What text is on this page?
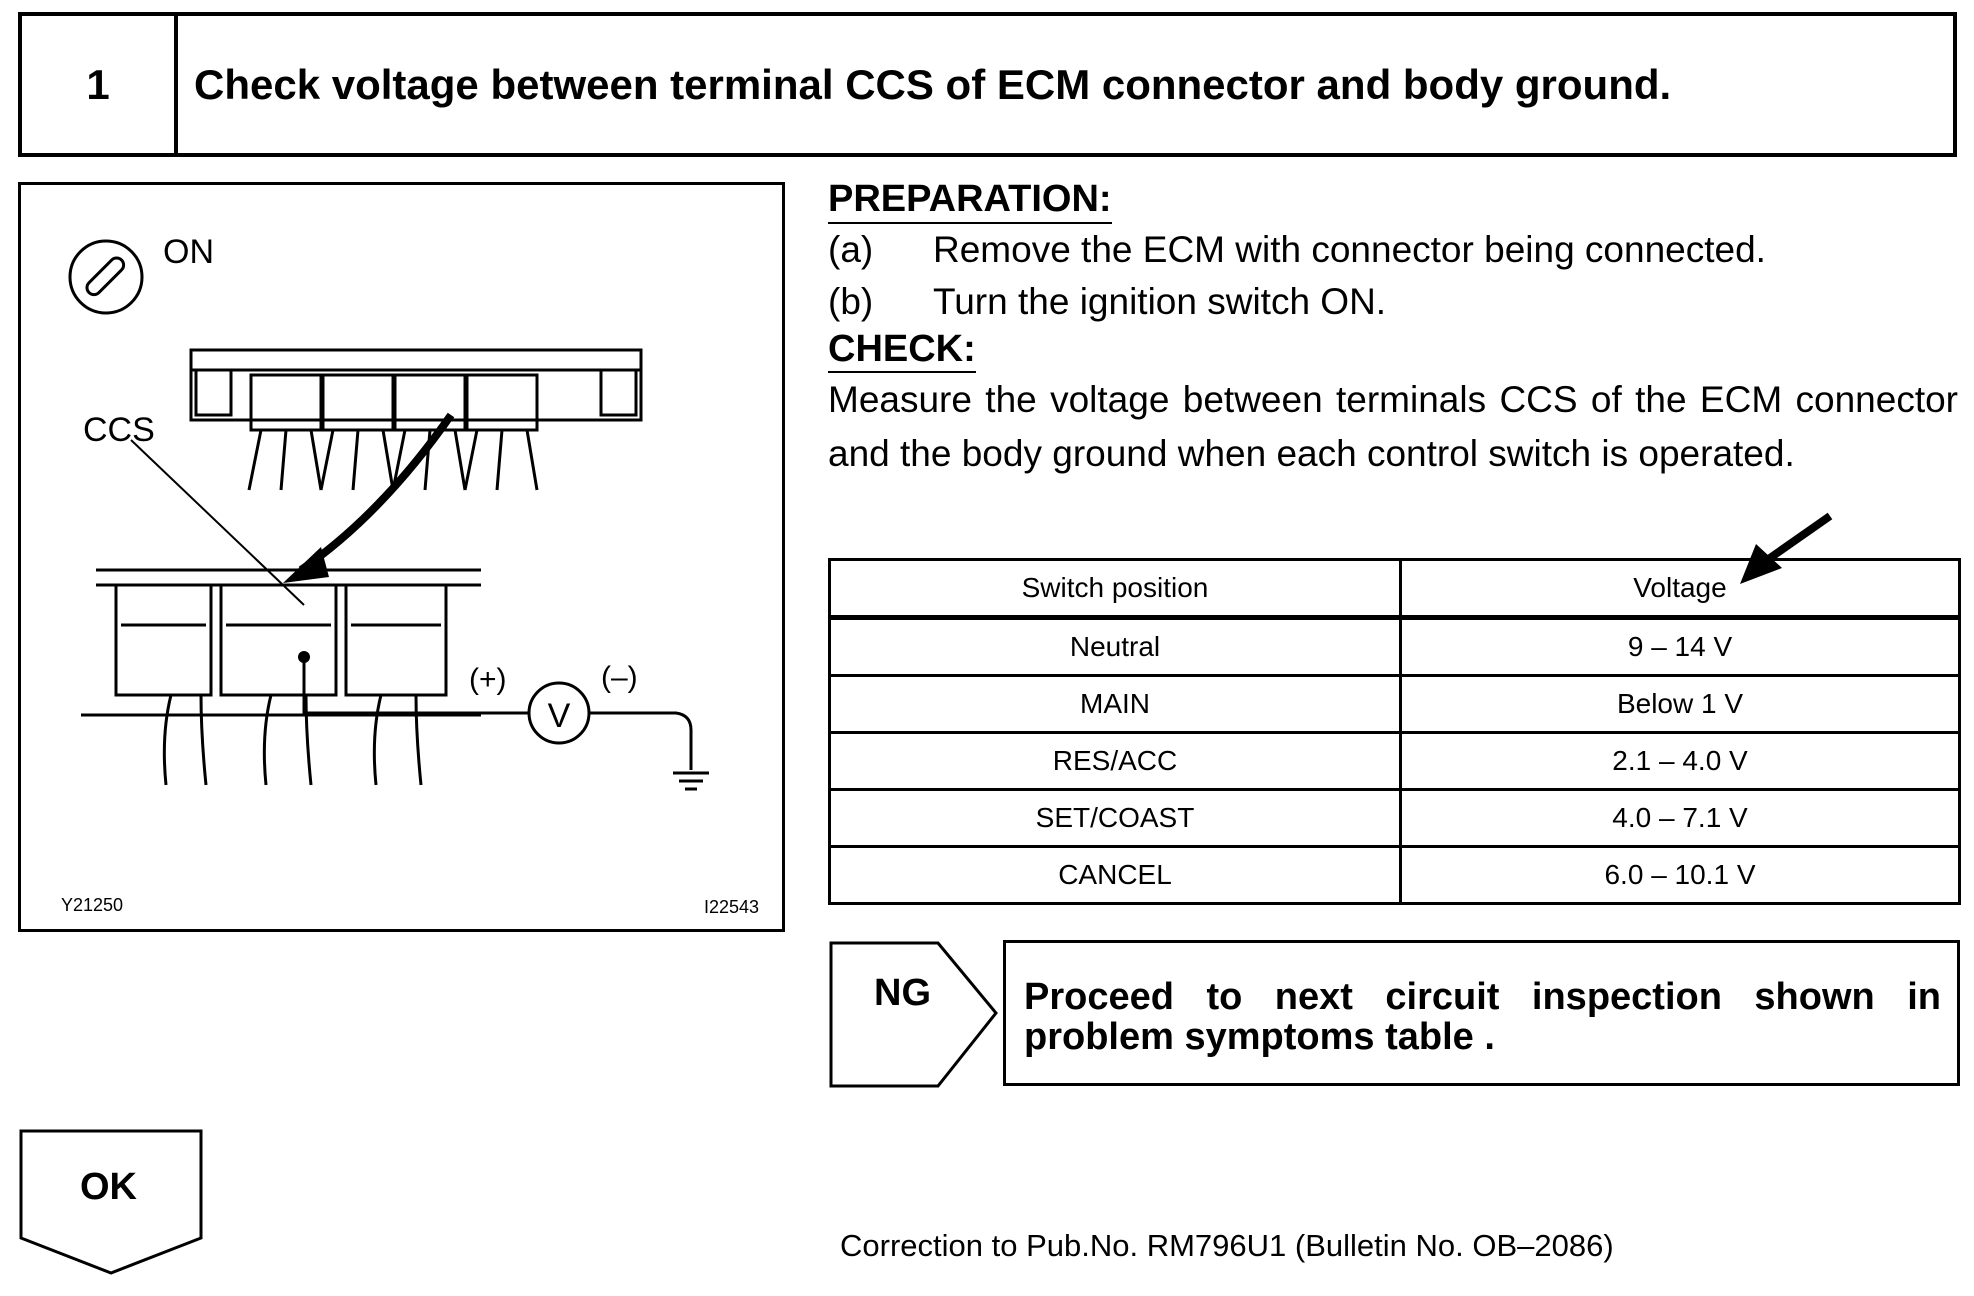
1	Check voltage between terminal CCS of ECM connector and body ground.
V
ON
CCS
(+)	(–)
Y21250	I22543
PREPARATION:
(a) Remove the ECM with connector being connected.
(b) Turn the ignition switch ON.
CHECK:
Measure the voltage between terminals CCS of the ECM connector and the body ground when each control switch is operated.
Switch position	Voltage
Neutral	9 – 14 V
MAIN	Below 1 V
RES/ACC	2.1 – 4.0 V
SET/COAST	4.0 – 7.1 V
CANCEL	6.0 – 10.1 V
NG	Proceed to next circuit inspection shown in problem symptoms table .
OK
Correction to Pub.No. RM796U1 (Bulletin No. OB–2086)
